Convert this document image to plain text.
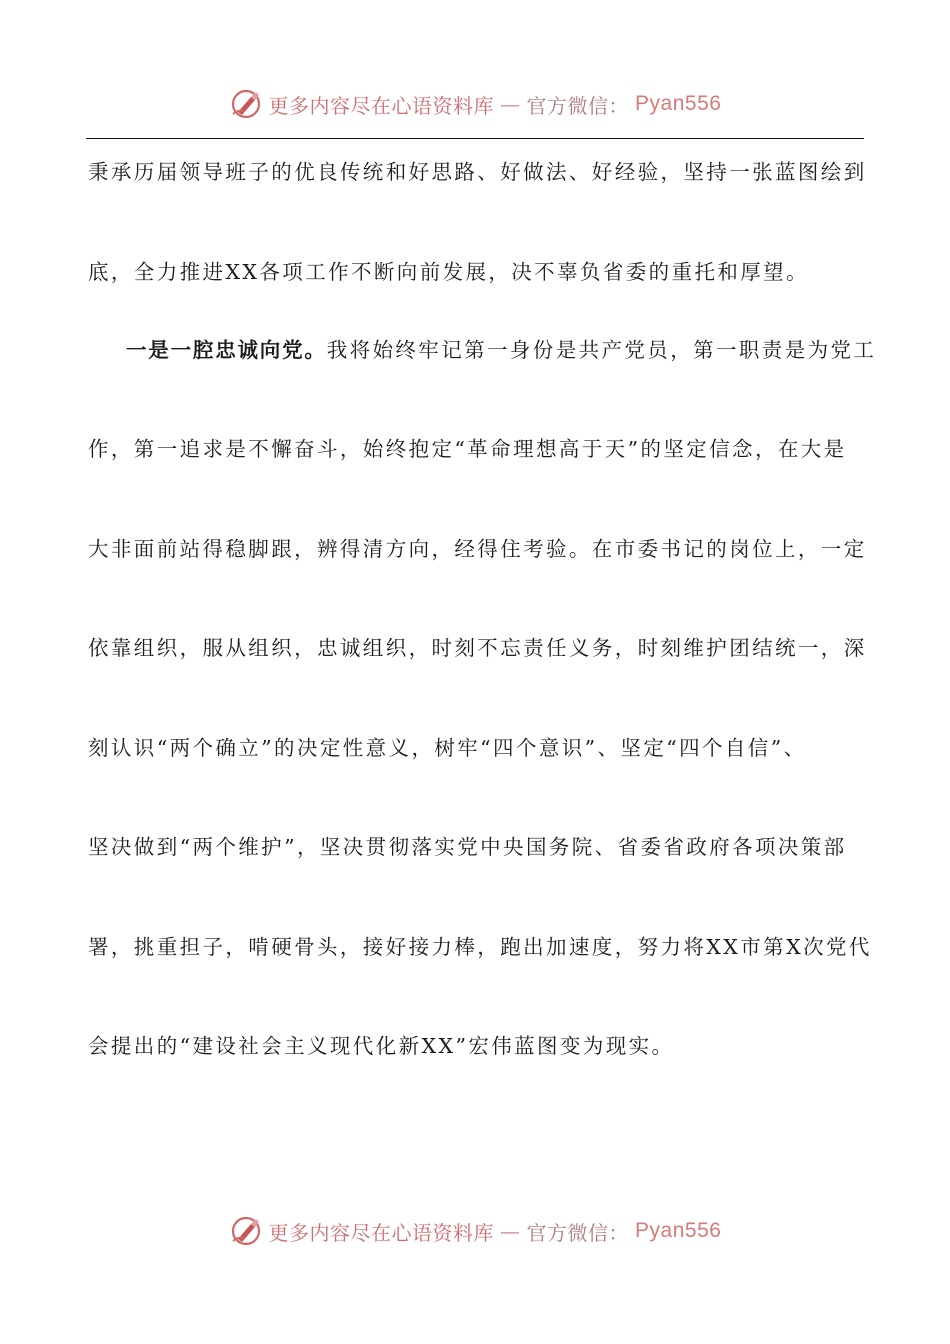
更多内容尽在心语资料库 — 官方微信： Pyan556
秉承历届领导班子的优良传统和好思路、好做法、好经验，坚持一张蓝图绘到
底，全力推进XX各项工作不断向前发展，决不辜负省委的重托和厚望。
一是一腔忠诚向党。我将始终牢记第一身份是共产党员，第一职责是为党工
作，第一追求是不懈奋斗，始终抱定“革命理想高于天”的坚定信念，在大是
大非面前站得稳脚跟，辨得清方向，经得住考验。在市委书记的岗位上，一定
依靠组织，服从组织，忠诚组织，时刻不忘责任义务，时刻维护团结统一，深
刻认识“两个确立”的决定性意义，树牢“四个意识”、坚定“四个自信”、
坚决做到“两个维护”，坚决贯彻落实党中央国务院、省委省政府各项决策部
署，挑重担子，啃硬骨头，接好接力棒，跑出加速度，努力将XX市第X次党代
会提出的“建设社会主义现代化新XX”宏伟蓝图变为现实。
更多内容尽在心语资料库 — 官方微信： Pyan556
